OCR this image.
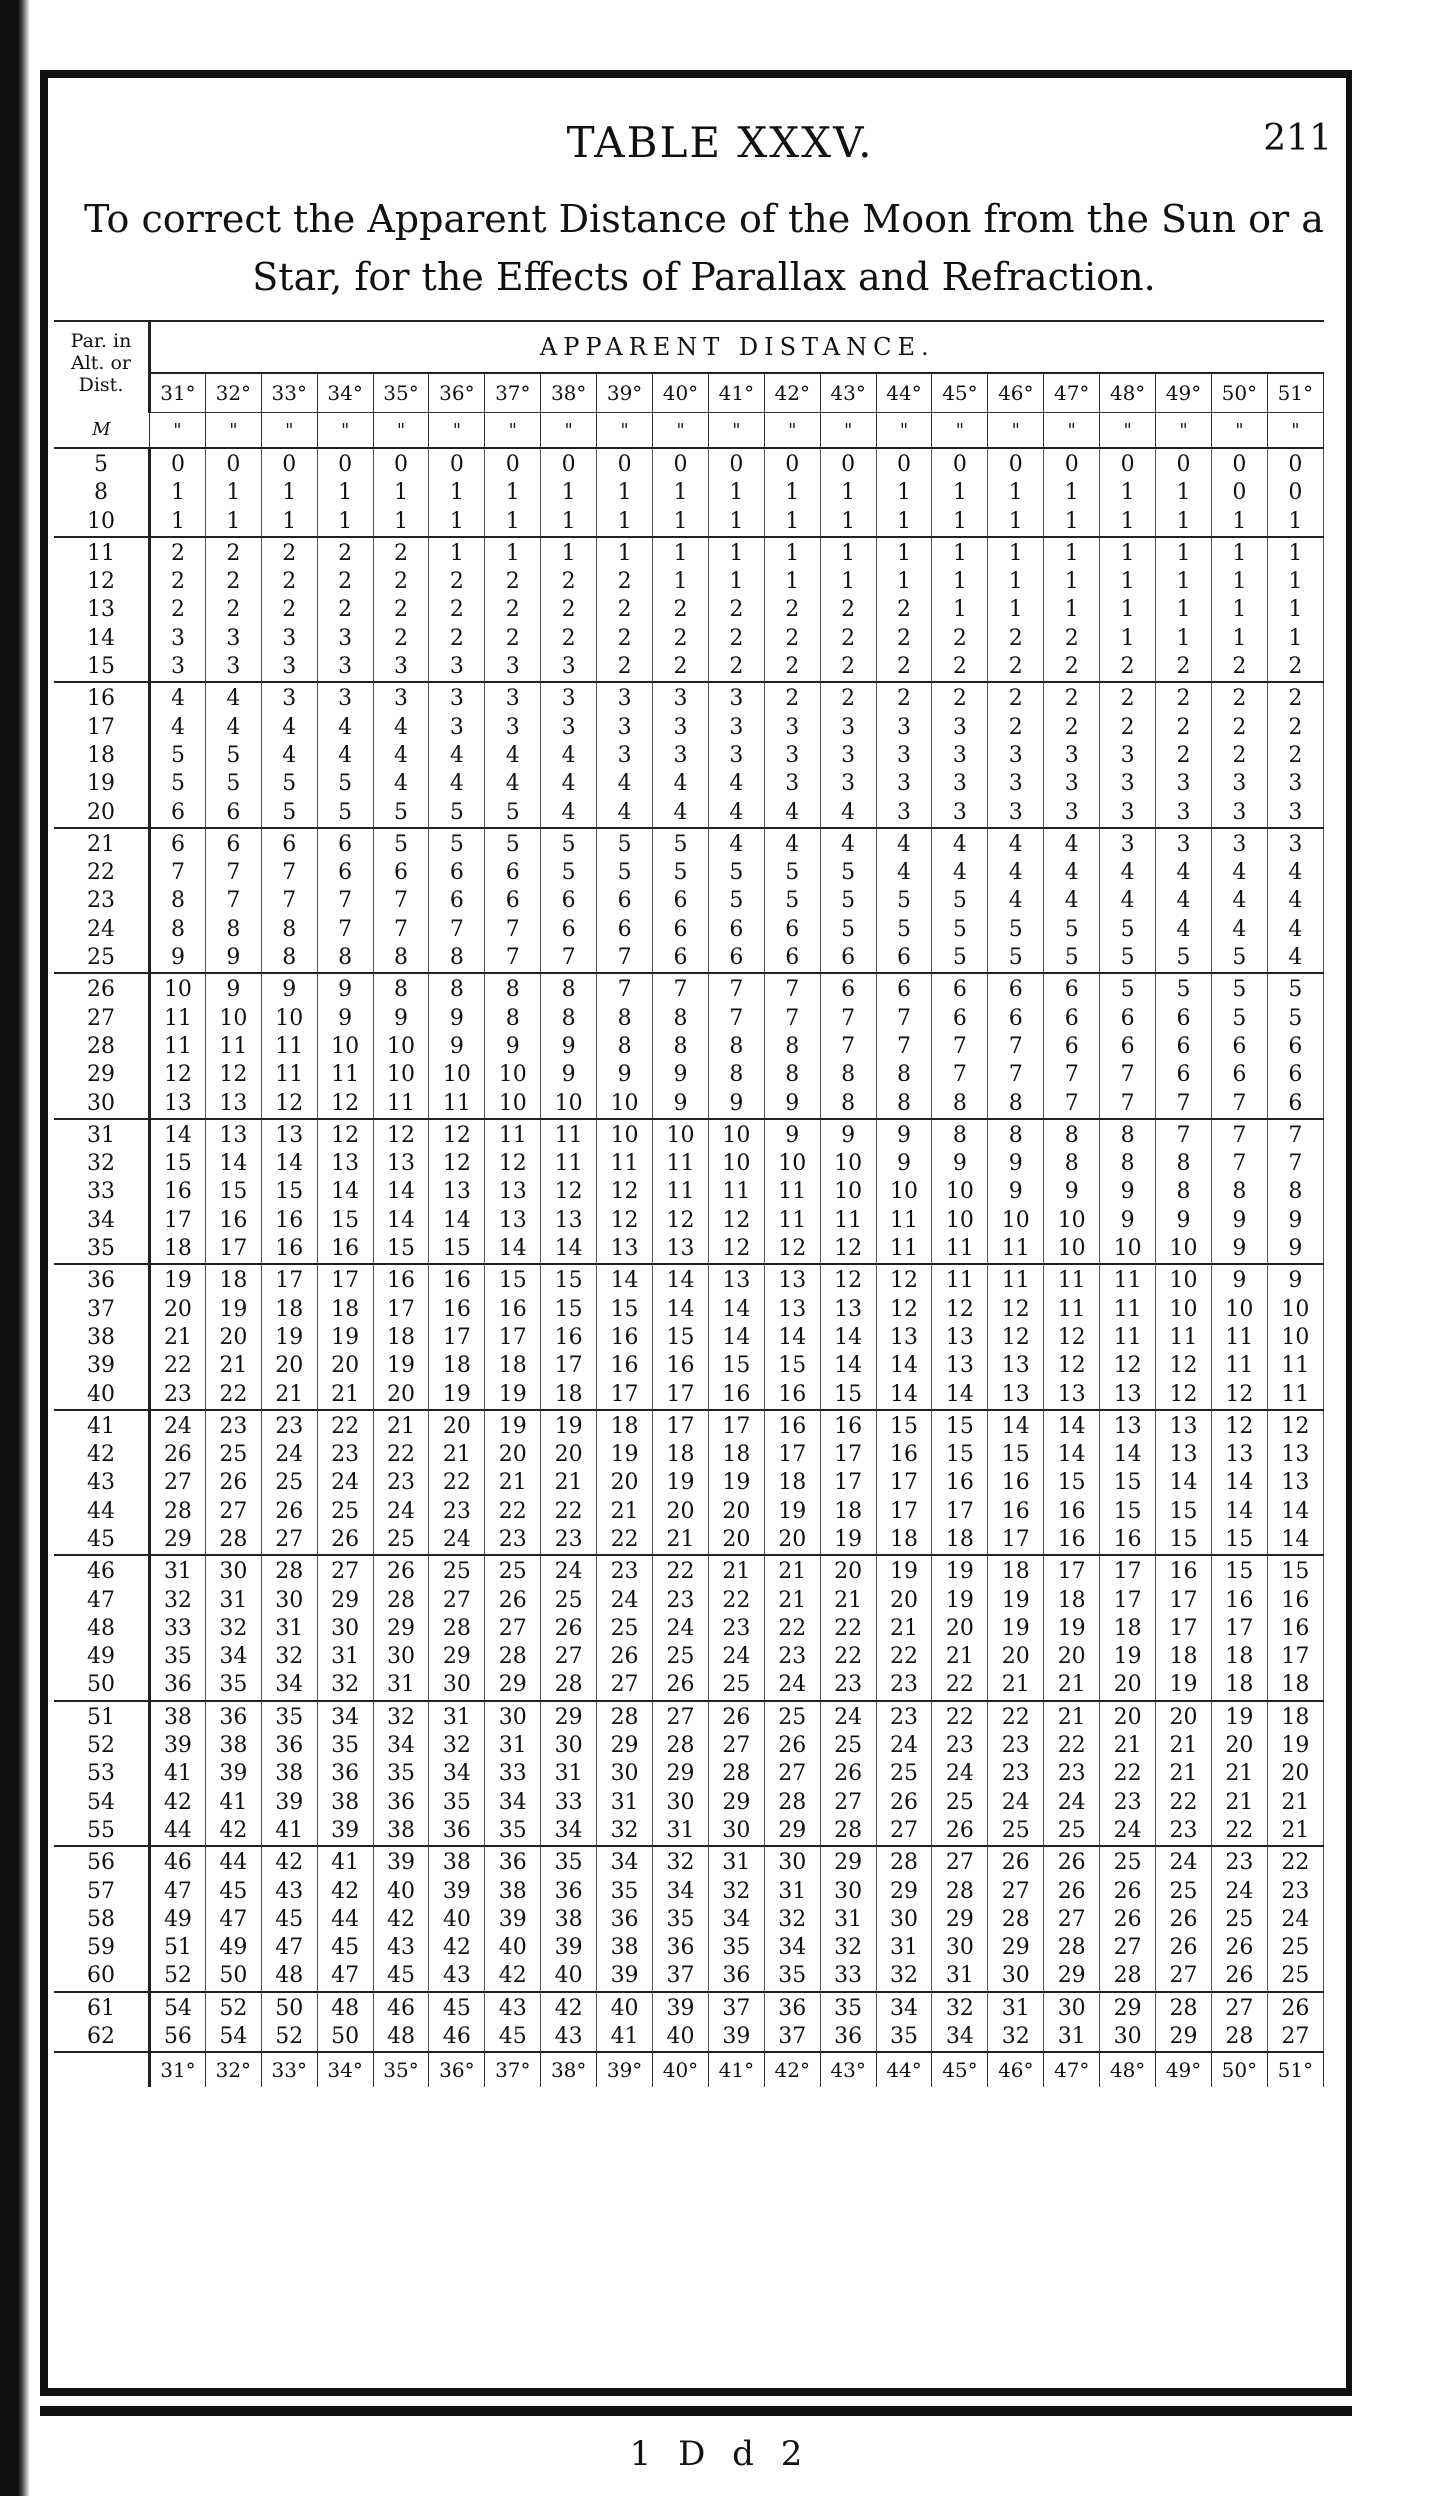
TABLE XXXV.	211
To correct the Apparent Distance of the Moon from the Sun or a
Star, for the Effects of Parallax and Refraction.
Par. in
Alt. or
Dist.	APPARENT DISTANCE.																				
	31°	32°	33°	34°	35°	36°	37°	38°	39°	40°	41°	42°	43°	44°	45°	46°	47°	48°	49°	50°	51°
M	"	"	"	"	"	"	"	"	"	"	"	"	"	"	"	"	"	"	"	"	"
5	0	0	0	0	0	0	0	0	0	0	0	0	0	0	0	0	0	0	0	0	0
8	1	1	1	1	1	1	1	1	1	1	1	1	1	1	1	1	1	1	1	0	0
10	1	1	1	1	1	1	1	1	1	1	1	1	1	1	1	1	1	1	1	1	1
11	2	2	2	2	2	1	1	1	1	1	1	1	1	1	1	1	1	1	1	1	1
12	2	2	2	2	2	2	2	2	2	1	1	1	1	1	1	1	1	1	1	1	1
13	2	2	2	2	2	2	2	2	2	2	2	2	2	2	1	1	1	1	1	1	1
14	3	3	3	3	2	2	2	2	2	2	2	2	2	2	2	2	2	1	1	1	1
15	3	3	3	3	3	3	3	3	2	2	2	2	2	2	2	2	2	2	2	2	2
16	4	4	3	3	3	3	3	3	3	3	3	2	2	2	2	2	2	2	2	2	2
17	4	4	4	4	4	3	3	3	3	3	3	3	3	3	3	2	2	2	2	2	2
18	5	5	4	4	4	4	4	4	3	3	3	3	3	3	3	3	3	3	2	2	2
19	5	5	5	5	4	4	4	4	4	4	4	3	3	3	3	3	3	3	3	3	3
20	6	6	5	5	5	5	5	4	4	4	4	4	4	3	3	3	3	3	3	3	3
21	6	6	6	6	5	5	5	5	5	5	4	4	4	4	4	4	4	3	3	3	3
22	7	7	7	6	6	6	6	5	5	5	5	5	5	4	4	4	4	4	4	4	4
23	8	7	7	7	7	6	6	6	6	6	5	5	5	5	5	4	4	4	4	4	4
24	8	8	8	7	7	7	7	6	6	6	6	6	5	5	5	5	5	5	4	4	4
25	9	9	8	8	8	8	7	7	7	6	6	6	6	6	5	5	5	5	5	5	4
26	10	9	9	9	8	8	8	8	7	7	7	7	6	6	6	6	6	5	5	5	5
27	11	10	10	9	9	9	8	8	8	8	7	7	7	7	6	6	6	6	6	5	5
28	11	11	11	10	10	9	9	9	8	8	8	8	7	7	7	7	6	6	6	6	6
29	12	12	11	11	10	10	10	9	9	9	8	8	8	8	7	7	7	7	6	6	6
30	13	13	12	12	11	11	10	10	10	9	9	9	8	8	8	8	7	7	7	7	6
31	14	13	13	12	12	12	11	11	10	10	10	9	9	9	8	8	8	8	7	7	7
32	15	14	14	13	13	12	12	11	11	11	10	10	10	9	9	9	8	8	8	7	7
33	16	15	15	14	14	13	13	12	12	11	11	11	10	10	10	9	9	9	8	8	8
34	17	16	16	15	14	14	13	13	12	12	12	11	11	11	10	10	10	9	9	9	9
35	18	17	16	16	15	15	14	14	13	13	12	12	12	11	11	11	10	10	10	9	9
36	19	18	17	17	16	16	15	15	14	14	13	13	12	12	11	11	11	11	10	9	9
37	20	19	18	18	17	16	16	15	15	14	14	13	13	12	12	12	11	11	10	10	10
38	21	20	19	19	18	17	17	16	16	15	14	14	14	13	13	12	12	11	11	11	10
39	22	21	20	20	19	18	18	17	16	16	15	15	14	14	13	13	12	12	12	11	11
40	23	22	21	21	20	19	19	18	17	17	16	16	15	14	14	13	13	13	12	12	11
41	24	23	23	22	21	20	19	19	18	17	17	16	16	15	15	14	14	13	13	12	12
42	26	25	24	23	22	21	20	20	19	18	18	17	17	16	15	15	14	14	13	13	13
43	27	26	25	24	23	22	21	21	20	19	19	18	17	17	16	16	15	15	14	14	13
44	28	27	26	25	24	23	22	22	21	20	20	19	18	17	17	16	16	15	15	14	14
45	29	28	27	26	25	24	23	23	22	21	20	20	19	18	18	17	16	16	15	15	14
46	31	30	28	27	26	25	25	24	23	22	21	21	20	19	19	18	17	17	16	15	15
47	32	31	30	29	28	27	26	25	24	23	22	21	21	20	19	19	18	17	17	16	16
48	33	32	31	30	29	28	27	26	25	24	23	22	22	21	20	19	19	18	17	17	16
49	35	34	32	31	30	29	28	27	26	25	24	23	22	22	21	20	20	19	18	18	17
50	36	35	34	32	31	30	29	28	27	26	25	24	23	23	22	21	21	20	19	18	18
51	38	36	35	34	32	31	30	29	28	27	26	25	24	23	22	22	21	20	20	19	18
52	39	38	36	35	34	32	31	30	29	28	27	26	25	24	23	23	22	21	21	20	19
53	41	39	38	36	35	34	33	31	30	29	28	27	26	25	24	23	23	22	21	21	20
54	42	41	39	38	36	35	34	33	31	30	29	28	27	26	25	24	24	23	22	21	21
55	44	42	41	39	38	36	35	34	32	31	30	29	28	27	26	25	25	24	23	22	21
56	46	44	42	41	39	38	36	35	34	32	31	30	29	28	27	26	26	25	24	23	22
57	47	45	43	42	40	39	38	36	35	34	32	31	30	29	28	27	26	26	25	24	23
58	49	47	45	44	42	40	39	38	36	35	34	32	31	30	29	28	27	26	26	25	24
59	51	49	47	45	43	42	40	39	38	36	35	34	32	31	30	29	28	27	26	26	25
60	52	50	48	47	45	43	42	40	39	37	36	35	33	32	31	30	29	28	27	26	25
61	54	52	50	48	46	45	43	42	40	39	37	36	35	34	32	31	30	29	28	27	26
62	56	54	52	50	48	46	45	43	41	40	39	37	36	35	34	32	31	30	29	28	27
	31°	32°	33°	34°	35°	36°	37°	38°	39°	40°	41°	42°	43°	44°	45°	46°	47°	48°	49°	50°	51°
1 D d 2
